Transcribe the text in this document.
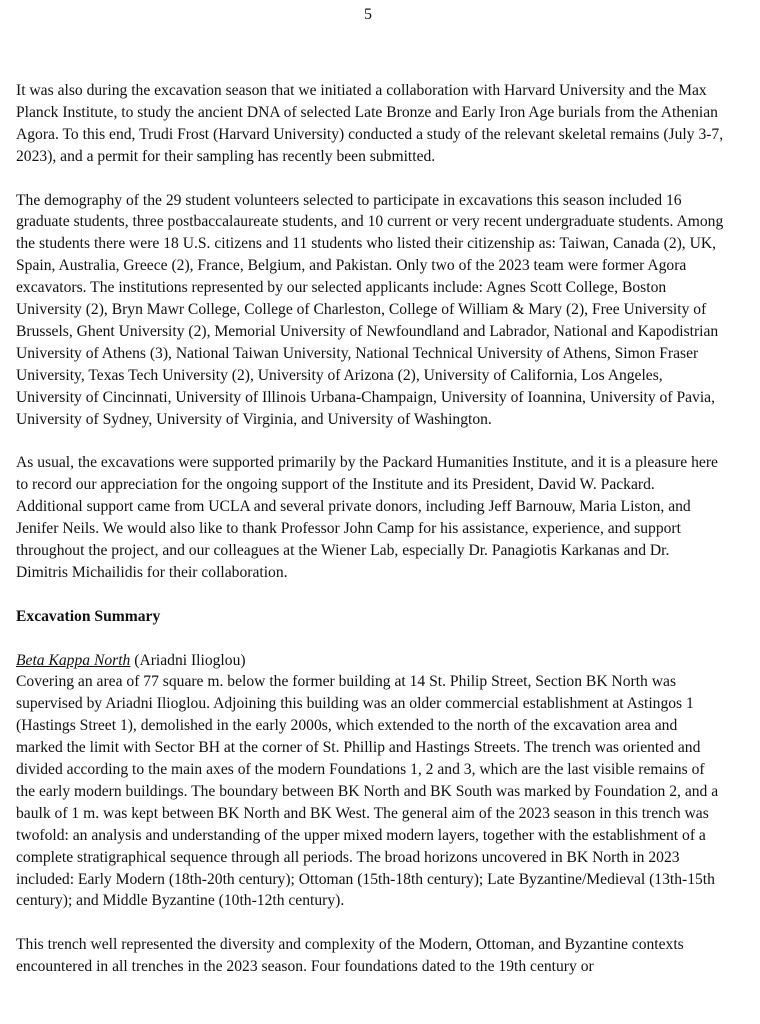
5

It was also during the excavation season that we initiated a collaboration with Harvard University and the Max Planck Institute, to study the ancient DNA of selected Late Bronze and Early Iron Age burials from the Athenian Agora. To this end, Trudi Frost (Harvard University) conducted a study of the relevant skeletal remains (July 3-7, 2023), and a permit for their sampling has recently been submitted.

The demography of the 29 student volunteers selected to participate in excavations this season included 16 graduate students, three postbaccalaureate students, and 10 current or very recent undergraduate students. Among the students there were 18 U.S. citizens and 11 students who listed their citizenship as: Taiwan, Canada (2), UK, Spain, Australia, Greece (2), France, Belgium, and Pakistan. Only two of the 2023 team were former Agora excavators. The institutions represented by our selected applicants include: Agnes Scott College, Boston University (2), Bryn Mawr College, College of Charleston, College of William & Mary (2), Free University of Brussels, Ghent University (2), Memorial University of Newfoundland and Labrador, National and Kapodistrian University of Athens (3), National Taiwan University, National Technical University of Athens, Simon Fraser University, Texas Tech University (2), University of Arizona (2), University of California, Los Angeles, University of Cincinnati, University of Illinois Urbana-Champaign, University of Ioannina, University of Pavia, University of Sydney, University of Virginia, and University of Washington.

As usual, the excavations were supported primarily by the Packard Humanities Institute, and it is a pleasure here to record our appreciation for the ongoing support of the Institute and its President, David W. Packard. Additional support came from UCLA and several private donors, including Jeff Barnouw, Maria Liston, and Jenifer Neils. We would also like to thank Professor John Camp for his assistance, experience, and support throughout the project, and our colleagues at the Wiener Lab, especially Dr. Panagiotis Karkanas and Dr. Dimitris Michailidis for their collaboration.

Excavation Summary

Beta Kappa North (Ariadni Ilioglou)

Covering an area of 77 square m. below the former building at 14 St. Philip Street, Section BK North was supervised by Ariadni Ilioglou. Adjoining this building was an older commercial establishment at Astingos 1 (Hastings Street 1), demolished in the early 2000s, which extended to the north of the excavation area and marked the limit with Sector BH at the corner of St. Phillip and Hastings Streets. The trench was oriented and divided according to the main axes of the modern Foundations 1, 2 and 3, which are the last visible remains of the early modern buildings. The boundary between BK North and BK South was marked by Foundation 2, and a baulk of 1 m. was kept between BK North and BK West. The general aim of the 2023 season in this trench was twofold: an analysis and understanding of the upper mixed modern layers, together with the establishment of a complete stratigraphical sequence through all periods. The broad horizons uncovered in BK North in 2023 included: Early Modern (18th-20th century); Ottoman (15th-18th century); Late Byzantine/Medieval (13th-15th century); and Middle Byzantine (10th-12th century).

This trench well represented the diversity and complexity of the Modern, Ottoman, and Byzantine contexts encountered in all trenches in the 2023 season. Four foundations dated to the 19th century or
